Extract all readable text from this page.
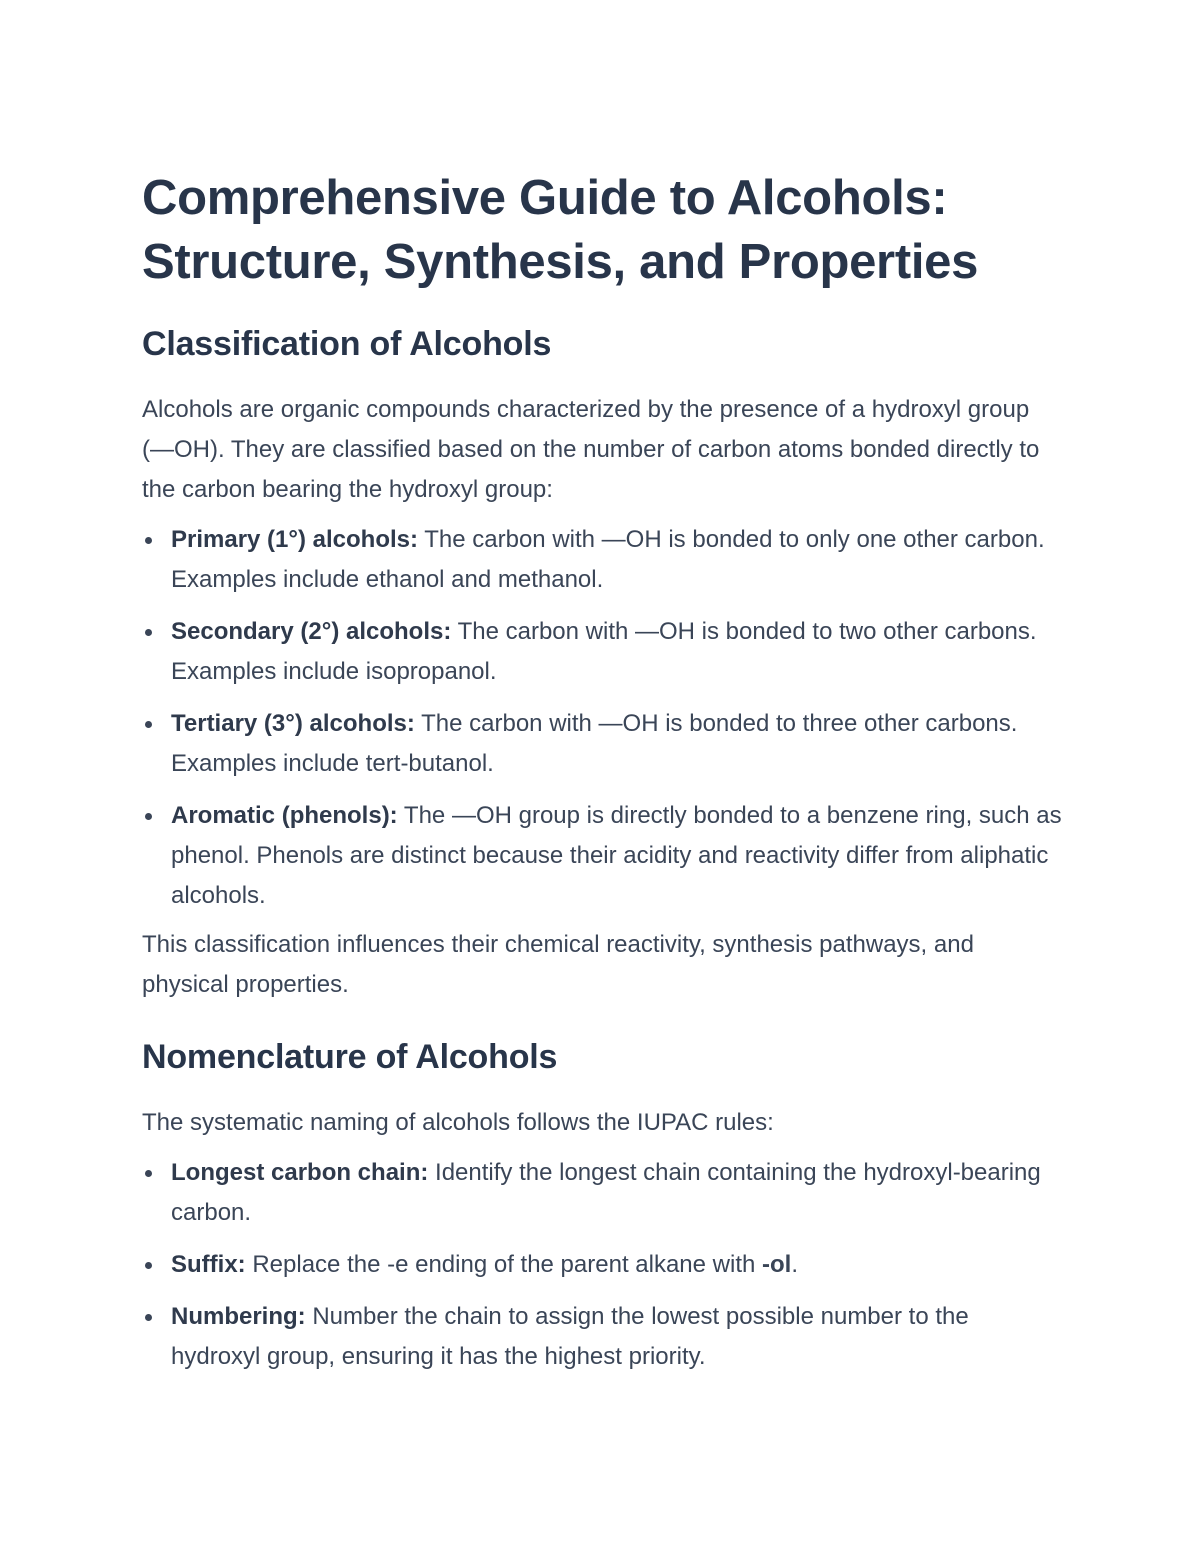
Comprehensive Guide to Alcohols:
Structure, Synthesis, and Properties
Classification of Alcohols

Alcohols are organic compounds characterized by the presence of a hydroxyl group (—OH). They are classified based on the number of carbon atoms bonded directly to the carbon bearing the hydroxyl group:

Primary (1°) alcohols: The carbon with —OH is bonded to only one other carbon. Examples include ethanol and methanol.
Secondary (2°) alcohols: The carbon with —OH is bonded to two other carbons. Examples include isopropanol.
Tertiary (3°) alcohols: The carbon with —OH is bonded to three other carbons. Examples include tert-butanol.
Aromatic (phenols): The —OH group is directly bonded to a benzene ring, such as phenol. Phenols are distinct because their acidity and reactivity differ from aliphatic alcohols.

This classification influences their chemical reactivity, synthesis pathways, and physical properties.

Nomenclature of Alcohols

The systematic naming of alcohols follows the IUPAC rules:

Longest carbon chain: Identify the longest chain containing the hydroxyl-bearing carbon.
Suffix: Replace the -e ending of the parent alkane with -ol.
Numbering: Number the chain to assign the lowest possible number to the hydroxyl group, ensuring it has the highest priority.
